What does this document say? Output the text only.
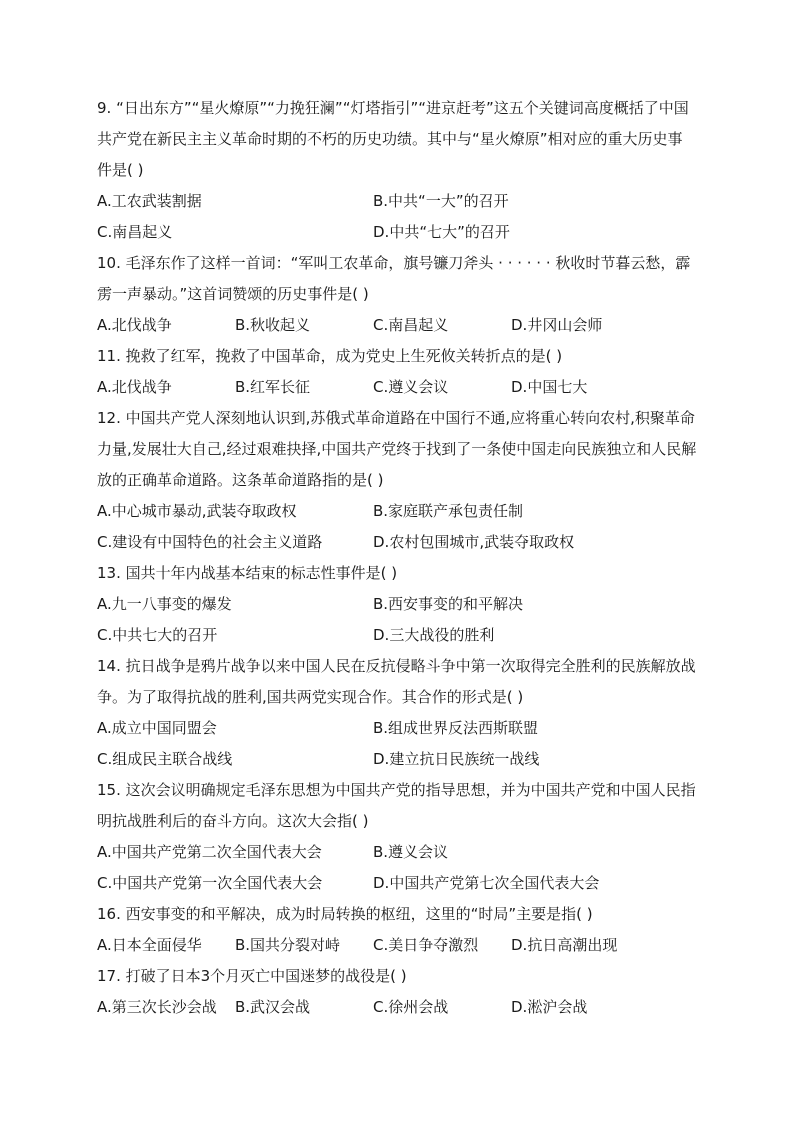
9. “日出东方”“星火燎原”“力挽狂澜”“灯塔指引”“进京赶考”这五个关键词高度概括了中国共产党在新民主主义革命时期的不朽的历史功绩。其中与“星火燎原”相对应的重大历史事件是( )

A.工农武装割据	B.中共“一大”的召开
C.南昌起义	D.中共“七大”的召开

10. 毛泽东作了这样一首词：“军叫工农革命，旗号镰刀斧头 · · · · · · 秋收时节暮云愁，霹雳一声暴动。”这首词赞颂的历史事件是( )

A.北伐战争	B.秋收起义	C.南昌起义	D.井冈山会师

11. 挽救了红军，挽救了中国革命，成为党史上生死攸关转折点的是( )

A.北伐战争	B.红军长征	C.遵义会议	D.中国七大

12. 中国共产党人深刻地认识到,苏俄式革命道路在中国行不通,应将重心转向农村,积聚革命力量,发展壮大自己,经过艰难抉择,中国共产党终于找到了一条使中国走向民族独立和人民解放的正确革命道路。这条革命道路指的是( )

A.中心城市暴动,武装夺取政权	B.家庭联产承包责任制
C.建设有中国特色的社会主义道路	D.农村包围城市,武装夺取政权

13. 国共十年内战基本结束的标志性事件是( )

A.九一八事变的爆发	B.西安事变的和平解决
C.中共七大的召开	D.三大战役的胜利

14. 抗日战争是鸦片战争以来中国人民在反抗侵略斗争中第一次取得完全胜利的民族解放战争。为了取得抗战的胜利,国共两党实现合作。其合作的形式是( )

A.成立中国同盟会	B.组成世界反法西斯联盟
C.组成民主联合战线	D.建立抗日民族统一战线

15. 这次会议明确规定毛泽东思想为中国共产党的指导思想，并为中国共产党和中国人民指明抗战胜利后的奋斗方向。这次大会指( )

A.中国共产党第二次全国代表大会	B.遵义会议
C.中国共产党第一次全国代表大会	D.中国共产党第七次全国代表大会

16. 西安事变的和平解决，成为时局转换的枢纽，这里的“时局”主要是指( )

A.日本全面侵华	B.国共分裂对峙	C.美日争夺激烈	D.抗日高潮出现

17. 打破了日本3个月灭亡中国迷梦的战役是( )

A.第三次长沙会战	B.武汉会战	C.徐州会战	D.淞沪会战
